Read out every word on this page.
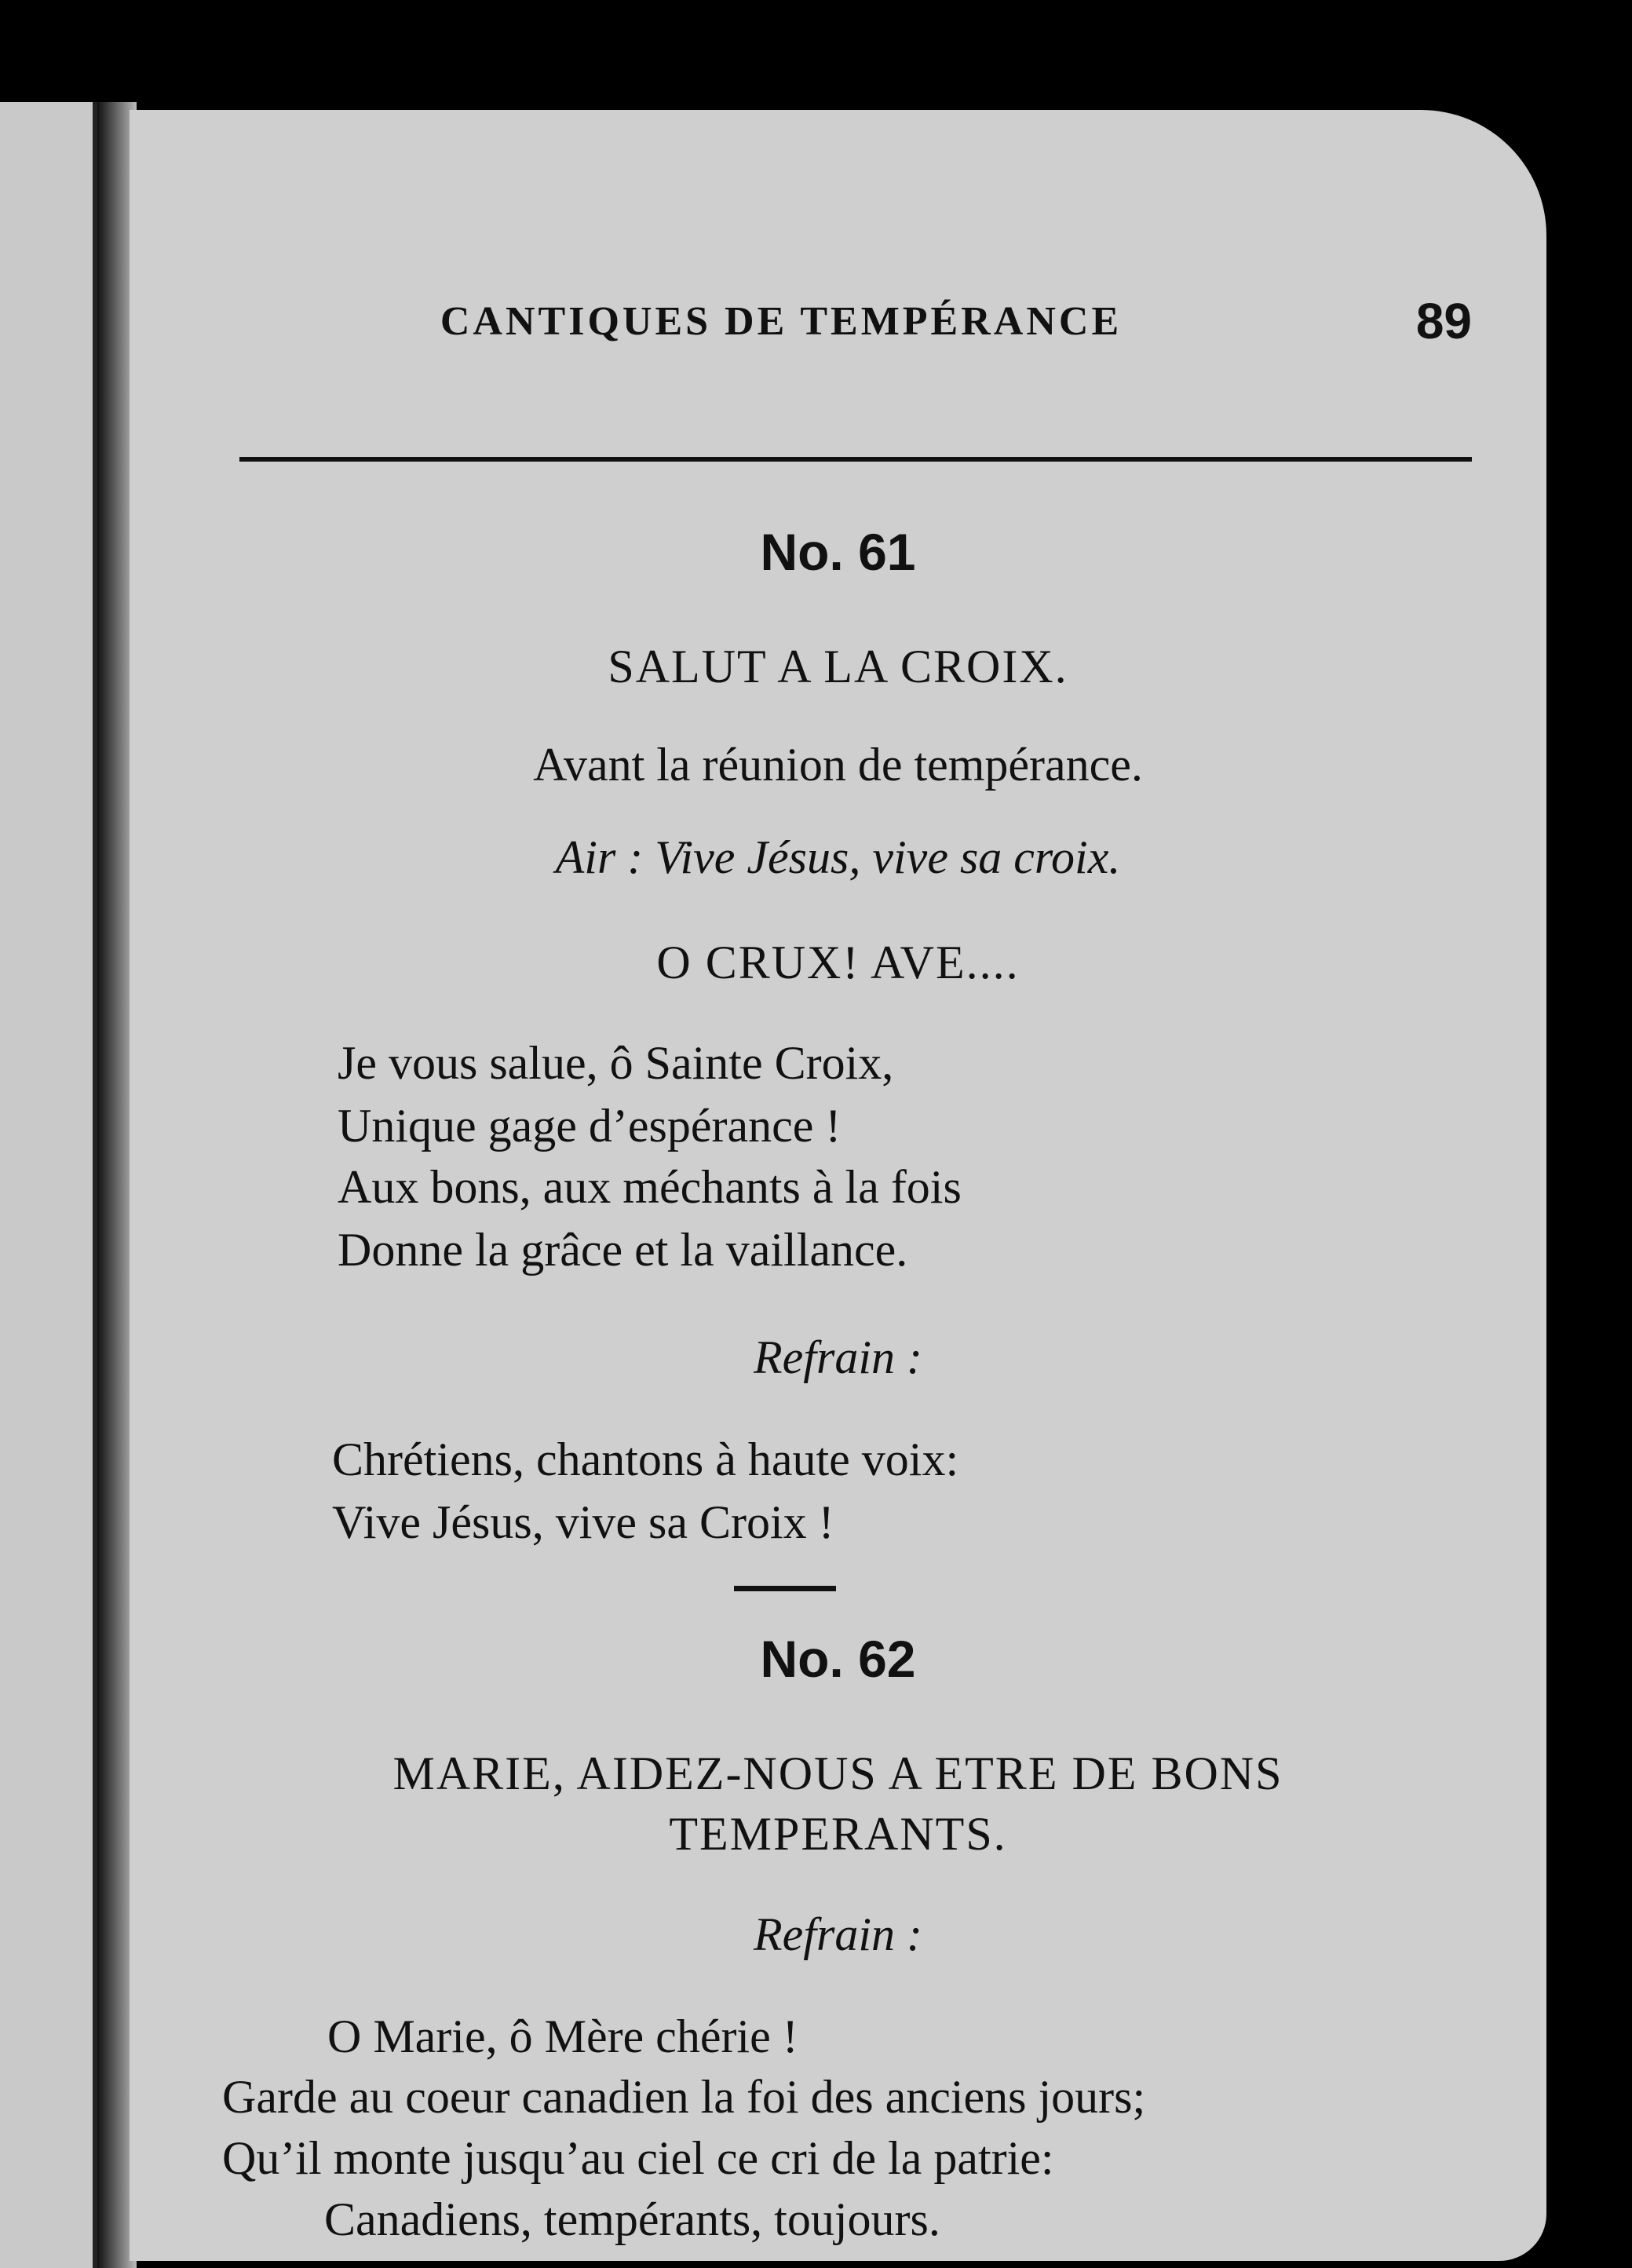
CANTIQUES DE TEMPÉRANCE	89

No. 61

SALUT A LA CROIX.

Avant la réunion de tempérance.

Air : Vive Jésus, vive sa croix.

O CRUX! AVE....

Je vous salue, ô Sainte Croix,

Unique gage d’espérance !

Aux bons, aux méchants à la fois

Donne la grâce et la vaillance.

Refrain :

Chrétiens, chantons à haute voix:

Vive Jésus, vive sa Croix !

No. 62

MARIE, AIDEZ-NOUS A ETRE DE BONS

TEMPERANTS.

Refrain :

O Marie, ô Mère chérie !

Garde au coeur canadien la foi des anciens jours;

Qu’il monte jusqu’au ciel ce cri de la patrie:

Canadiens, tempérants, toujours.
